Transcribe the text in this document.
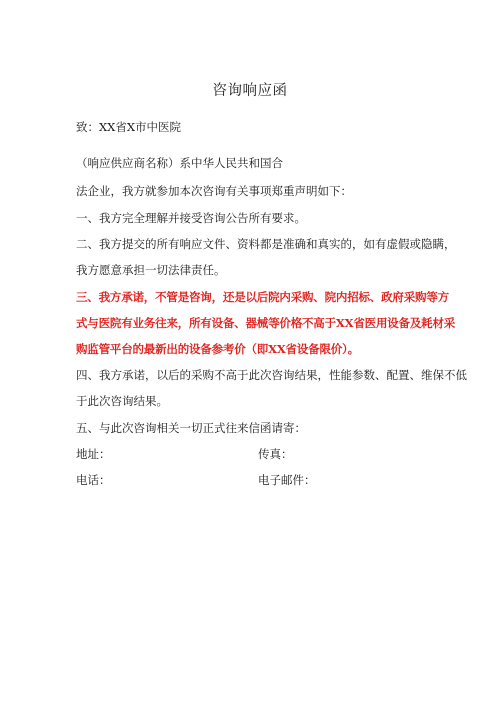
咨询响应函
致：XX省X市中医院
（响应供应商名称）系中华人民共和国合
法企业，我方就参加本次咨询有关事项郑重声明如下：
一、我方完全理解并接受咨询公告所有要求。
二、我方提交的所有响应文件、资料都是准确和真实的，如有虚假或隐瞒，
我方愿意承担一切法律责任。
三、我方承诺，不管是咨询，还是以后院内采购、院内招标、政府采购等方
式与医院有业务往来，所有设备、器械等价格不高于XX省医用设备及耗材采
购监管平台的最新出的设备参考价（即XX省设备限价）。
四、我方承诺，以后的采购不高于此次咨询结果，性能参数、配置、维保不低
于此次咨询结果。
五、与此次咨询相关一切正式往来信函请寄：
地址：	传真：
电话：	电子邮件：
